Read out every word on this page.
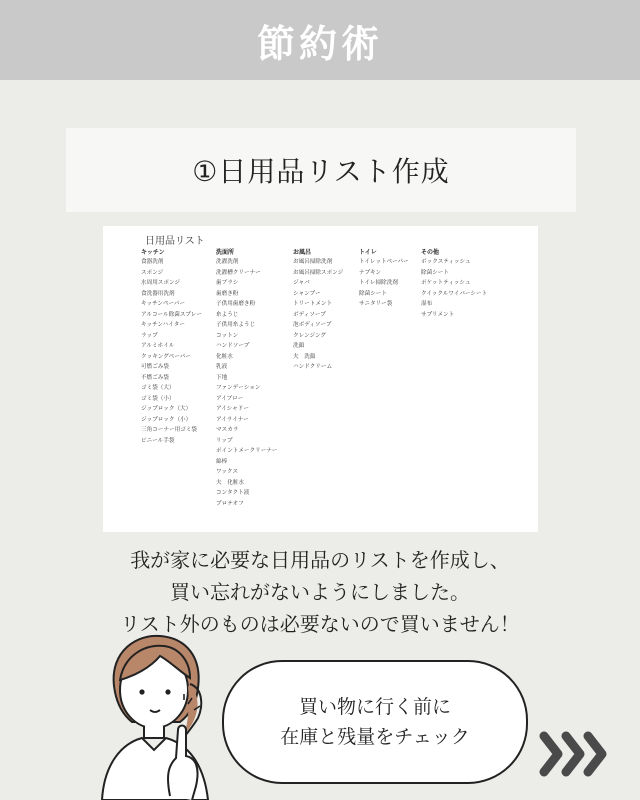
節約術
①日用品リスト作成
日用品リスト
キッチン
食器洗剤
スポンジ
水周用スポンジ
食洗器用洗剤
キッチンペーパー
アルコール除菌スプレー
キッチンハイター
ラップ
アルミホイル
クッキングペーパー
可燃ごみ袋
不燃ごみ袋
ゴミ袋（大）
ゴミ袋（小）
ジップロック（大）
ジップロック（小）
三角コーナー用ゴミ袋
ビニール手袋
洗面所
洗濯洗剤
洗濯槽クリーナー
歯ブラシ
歯磨き粉
子供用歯磨き粉
糸ようじ
子供用糸ようじ
コットン
ハンドソープ
化粧水
乳液
下地
ファンデーション
アイブロー
アイシャドー
アイライナー
マスカラ
リップ
ポイントメークリーナー
綿棒
ワックス
夫　化粧水
コンタクト液
プロテオフ
お風呂
お風呂掃除洗剤
お風呂掃除スポンジ
ジャバ
シャンプー
トリートメント
ボディソープ
泡ボディソープ
クレンジング
洗顔
夫　洗顔
ハンドクリーム
トイレ
トイレットペーパー
ナプキン
トイレ掃除洗剤
除菌シート
サニタリー袋
その他
ボックスティッシュ
除菌シート
ポケットティッシュ
クイックルワイパーシート
湿布
サプリメント
我が家に必要な日用品のリストを作成し、
買い忘れがないようにしました。
リスト外のものは必要ないので買いません！
買い物に行く前に
在庫と残量をチェック
